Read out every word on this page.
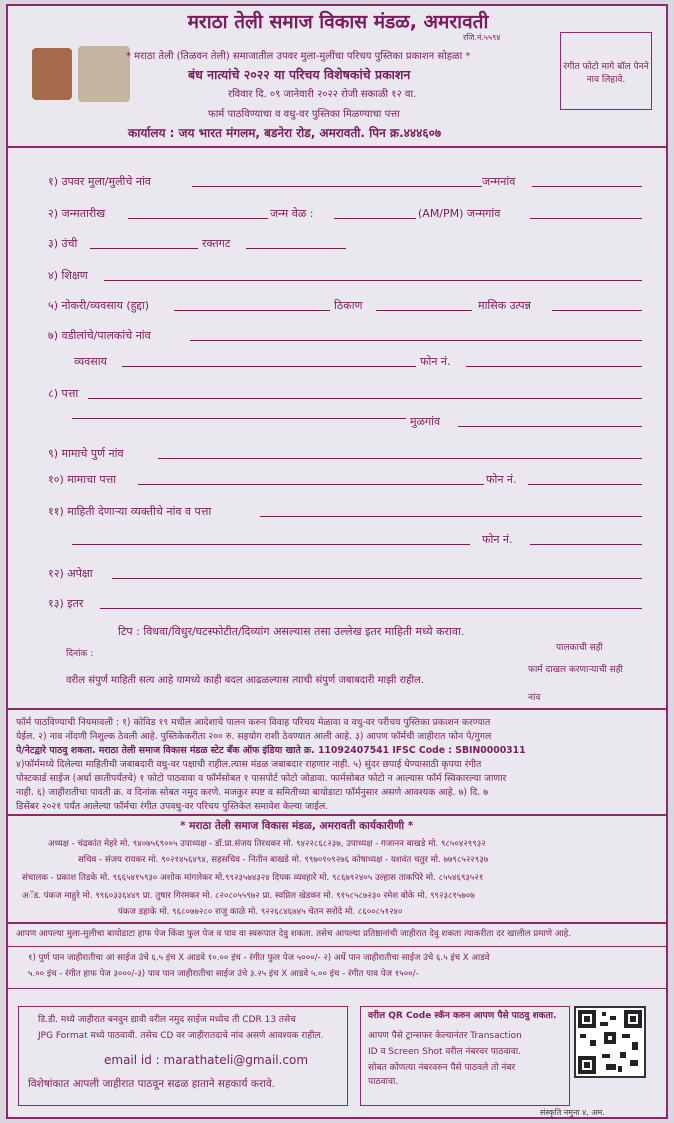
मराठा तेली समाज विकास मंडळ, अमरावती
रजि.नं.५५९४
रंगीत फोटो मागे बॉल पेनने नाव लिहावे.
* मराठा तेली (तिळवन तेली) समाजातील उपवर मुला-मुलींचा परिचय पुस्तिका प्रकाशन सोहळा *
बंध नात्यांचे २०२२ या परिचय विशेषकांचे प्रकाशन
रविवार दि. ०९ जानेवारी २०२२ रोजी सकाळी १२ वा.
फार्म पाठविण्याचा व वधु-वर पुस्तिका मिळण्याचा पत्ता
कार्यालय : जय भारत मंगलम, बडनेरा रोड, अमरावती. पिन क्र.४४४६०७
१) उपवर मुला/मुलीचे नांव	जन्मनांव
२) जन्मतारीख	जन्म वेळ :	(AM/PM) जन्मगांव
३) उंची	रक्तगट
४) शिक्षण
५) नोकरी/व्यवसाय (हुद्दा)	ठिकाण	मासिक उत्पन्न
७) वडीलांचे/पालकांचे नांव
व्यवसाय	फोन नं.
८) पत्ता
मुळगांव
९) मामाचे पुर्ण नांव
१०) मामाचा पत्ता	फोन नं.
११) माहिती देणाऱ्या व्यक्तीचे नांव व पत्ता
फोन नं.
१२) अपेक्षा
१३) इतर
टिप : विधवा/विधुर/घटस्फोटीत/दिव्यांग असल्यास तसा उल्लेख इतर माहिती मध्ये करावा.
दिनांक :
पालकाची सही
फार्म दाखल करणाऱ्याची सही
वरील संपुर्ण माहिती सत्य आहे यामध्ये काही बदल आढळल्यास त्याची संपुर्ण जबाबदारी माझी राहील.
नांव
फॉर्म पाठविण्याची नियमावली : १) कोविड १९ मधील आदेशाचे पालन करुन विवाह परिचय मेळावा व वधु-वर परीचय पुस्तिका प्रकाशन करण्यात
येईल. २) नाव नोंदणी निशुल्क ठेवली आहे. पुस्तिकेकरीता २०० रु. सहयोग राशी ठेवण्यात आली आहे. ३) आपण फॉर्मची जाहीरात फोन पे/गुगल
पे/नेटद्वारे पाठवु शकता. मराठा तेली समाज विकास मंडळ स्टेट बँक ऑफ इंडिया खाते क्र. 11092407541 IFSC Code : SBIN0000311
४)फॉर्ममध्ये दिलेल्या माहितीची जबाबदारी वधु-वर पक्षाची राहील.त्यास मंडळ जबाबदार राहणार नाही. ५) सुंदर छपाई घेण्यासाठी कृपया रंगीत
पोस्टकार्ड साईज (अर्धा छातीपर्यंतचे) १ फोटो पाठवावा व फॉर्मसोबत १ पासपोर्ट फोटो जोडावा. फार्मसोबत फोटो न आल्यास फॉर्म स्विकारल्या जाणार
नाही. ६) जाहीरातीचा पावती क्र. व दिनांक सोबत नमुद करणे. मजकुर स्पष्ट व समितीच्या बायोडाटा फॉर्मनुसार असणे आवश्यक आहे. ७) दि. ७
डिसेंबर २०२१ पर्यंत आलेल्या फॉर्मचा रंगीत उपवधु-वर परिचय पुस्तिकेत समावेश केल्या जाईल.
* मराठा तेली समाज विकास मंडळ, अमरावती कार्यकारीणी *
अध्यक्ष - चंद्रकांत मेहरे मो. ९४०७५६९००५ उपाध्यक्ष - डॉ.प्रा.संजय तिरथकर मो. ९४२२८६८२३७, उपाध्यक्ष - गजानन बाखडे मो. ९८५०४२९९३२
सचिव - संजय रायकर मो. ९०२१४५६४९४, सहसचिव - नितीन बाखडे मो. ९९७०१०९२७६ कोषाध्यक्ष - यशवंत चतुर मो. ७७९८५२२९३७
संचालक - प्रकाश तिडके मो. ९६६५४१५९३० अशोक मांगलेकर मो.९९२३५७४३२४ दिपक व्यवहारे मो. ९८६७९२४०५ उल्हास ताकपिरे मो. ८५५४६९३५२१
अॅड. पंकज माहुरे मो. ९९६०३३६४४९ प्रा. तुषार गिरमकर मो. ८२०८०५५९७२ प्रा. स्वप्निल खेडकर मो. ९१५८५८७२३० रमेश बोके मो. ९९२३८१५७०७
पंकज डहाके मो. ९६८०७७२८० राजु काळे मो. ९२२६८४६७४५ चेतन सरोदे मो. ८६००८५१२४०
आपण आपल्या मुला-मुलीचा बायोडाटा हाफ पेज किंवा फुल पेज व पाव वा स्वरूपात देवु शकता. तसेच आपल्या प्रतिष्ठानांची जाहीरात देवु शकता त्याकरीता दर खालील प्रमाणे आहे.
१) पुर्ण पान जाहीरातीचा आ साईज उंचे ६.५ इंच X आडवे १०.०० इंच - रंगीत फुल पेज ५०००/- २) अर्धे पान जाहीरातीचा साईज उंचे ६.५ इंच X आडवे
५.०० इंच - रंगीत हाफ पेज ३०००/-३) पाव पान जाहीरातीचा साईज उंचे ३.२५ इंच X आडवे ५.०० इंच - रंगीत पाव पेज १५००/-
डि.डी. मध्ये जाहीरात बनवुन द्यावी वरील नमुद साईज मध्येच ती CDR 13 तसेच
JPG Format मध्ये पाठवावी. तसेच CD वर जाहीरातदाचे नांव असणे आवश्यक राहील.
email id : marathateli@gmail.com
विशेषांकात आपली जाहीरात पाठवून सढळ हाताने सहकार्य करावे.
वरील QR Code स्कॅन करुन आपण पैसे पाठवु शकता.
आपण पैसे ट्रान्सफर केल्यानंतर Transaction
ID व Screen Shot वरील नंबरवर पाठवावा.
सोबत कोणत्या नंबरवरुन पैसे पाठवले तो नंबर
पाठवावा.
संस्कृति नमुना ४, अम.
